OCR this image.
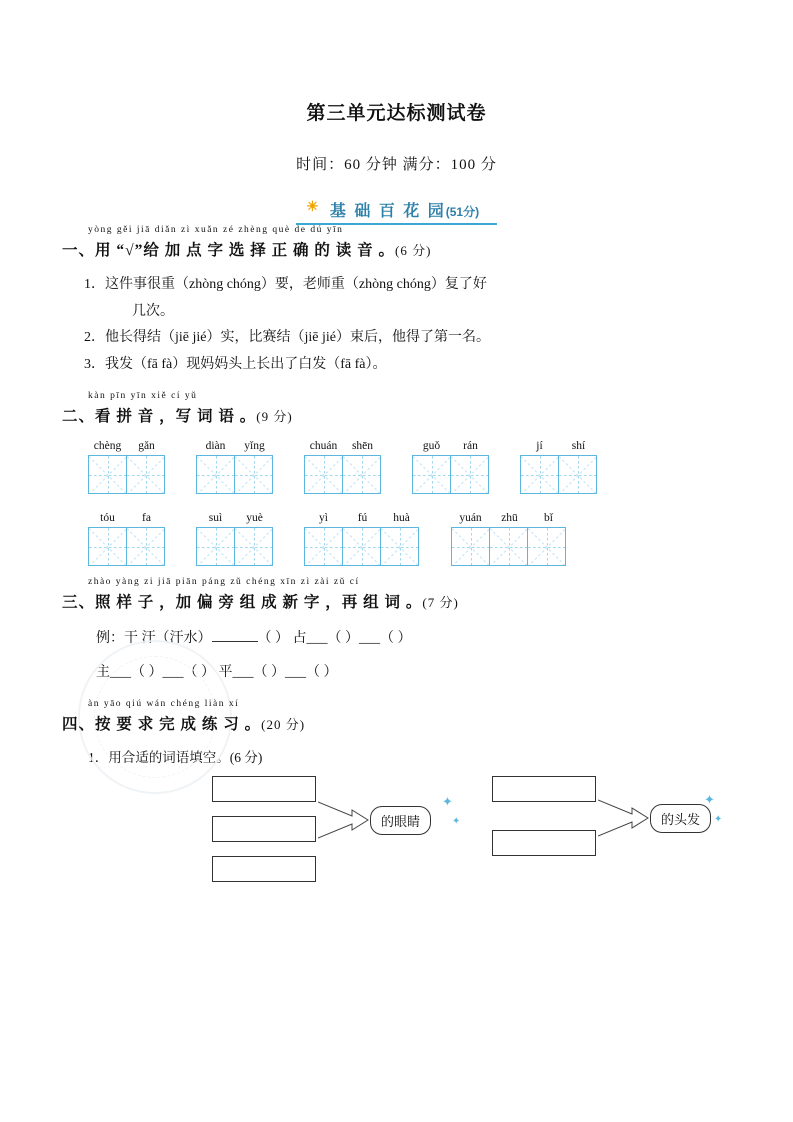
第三单元达标测试卷
时间：60 分钟 满分：100 分
☀ 基 础 百 花 园(51分)
yòng gěi jiā diǎn zì xuǎn zé zhèng què de dú yīn
一、用 “√”给 加 点 字 选 择 正 确 的 读 音 。(6 分)
1．这件事很重（zhòng chóng）要，老师重（zhòng chóng）复了好
几次。
2．他长得结（jiē jié）实，比赛结（jiē jié）束后，他得了第一名。
3．我发（fā fà）现妈妈头上长出了白发（fā fà）。
kàn pīn yīn xiě cí yǔ
二、看 拼 音 ，写 词 语 。(9 分)
chèng	gǎn	diàn	yǐng	chuán	shēn	guǒ	rán	jí	shí
tóu	fa	suì	yuè	yì	fú	huà	yuán	zhū	bǐ
zhào yàng zi jiā piān páng zǔ chéng xīn zì zài zǔ cí
三、照 样 子 ，加 偏 旁 组 成 新 字 ，再 组 词 。(7 分)
例：干 汗（汗水）	（ ） 占___（ ）___（ ）
主___（ ）___（ ） 平___（ ）___（ ）
àn yāo qiú wán chéng liàn xí
四、按 要 求 完 成 练 习 。(20 分)
1．用合适的词语填空。(6 分)
的眼睛
✦
✦	的头发
✦
✦
